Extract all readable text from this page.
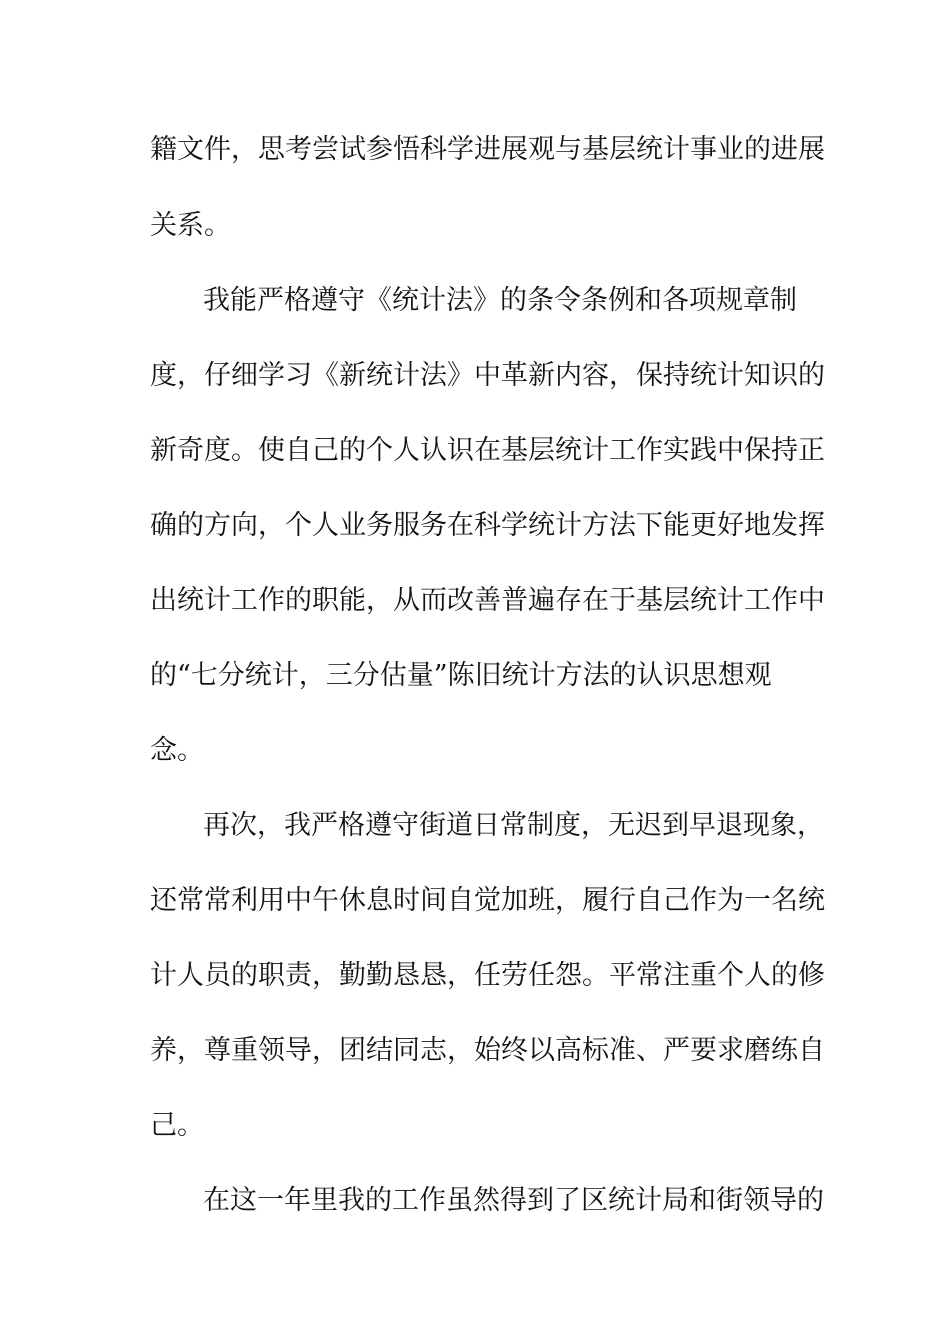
籍文件，思考尝试参悟科学进展观与基层统计事业的进展
关系。
我能严格遵守《统计法》的条令条例和各项规章制
度，仔细学习《新统计法》中革新内容，保持统计知识的
新奇度。使自己的个人认识在基层统计工作实践中保持正
确的方向，个人业务服务在科学统计方法下能更好地发挥
出统计工作的职能，从而改善普遍存在于基层统计工作中
的“七分统计，三分估量”陈旧统计方法的认识思想观
念。
再次，我严格遵守街道日常制度，无迟到早退现象，
还常常利用中午休息时间自觉加班，履行自己作为一名统
计人员的职责，勤勤恳恳，任劳任怨。平常注重个人的修
养，尊重领导，团结同志，始终以高标准、严要求磨练自
己。
在这一年里我的工作虽然得到了区统计局和街领导的
